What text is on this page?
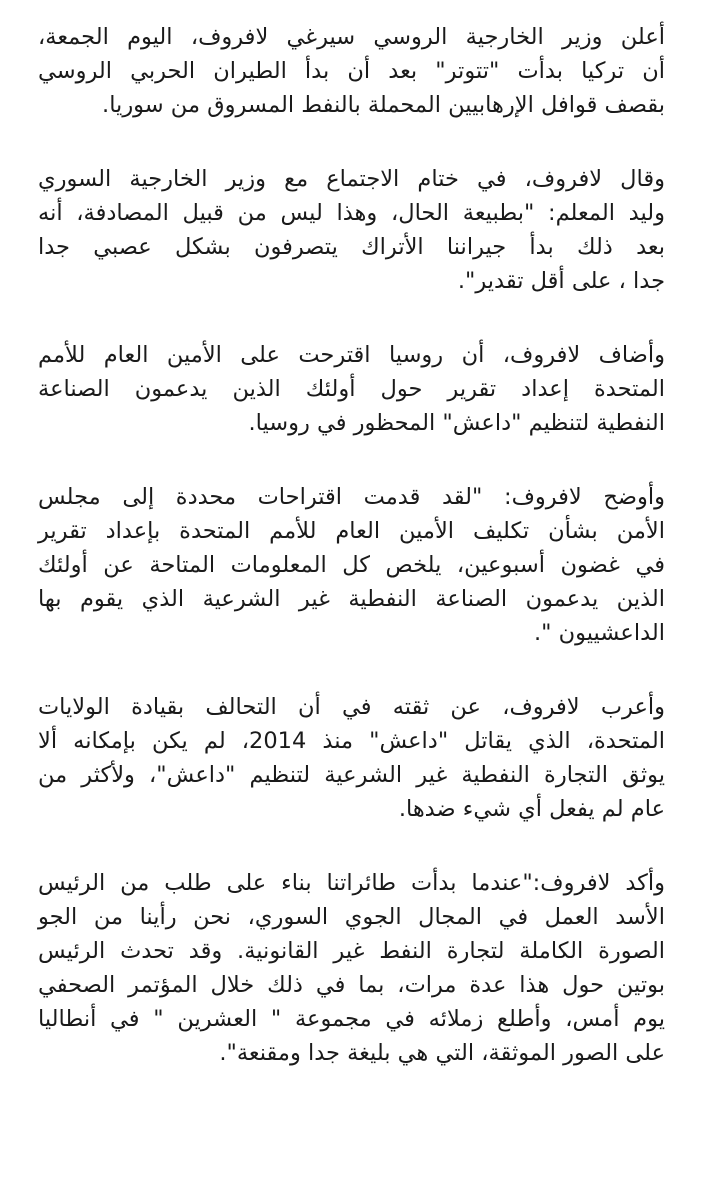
أعلن وزير الخارجية الروسي سيرغي لافروف، اليوم الجمعة،
أن تركيا بدأت "تتوتر" بعد أن بدأ الطيران الحربي الروسي
بقصف قوافل الإرهابيين المحملة بالنفط المسروق من سوريا.
وقال لافروف، في ختام الاجتماع مع وزير الخارجية السوري
وليد المعلم: "بطبيعة الحال، وهذا ليس من قبيل المصادفة، أنه
بعد ذلك بدأ جيراننا الأتراك يتصرفون بشكل عصبي جدا
جدا ، على أقل تقدير".
وأضاف لافروف، أن روسيا اقترحت على الأمين العام للأمم
المتحدة إعداد تقرير حول أولئك الذين يدعمون الصناعة
النفطية لتنظيم "داعش" المحظور في روسيا.
وأوضح لافروف: "لقد قدمت اقتراحات محددة إلى مجلس
الأمن بشأن تكليف الأمين العام للأمم المتحدة بإعداد تقرير
في غضون أسبوعين، يلخص كل المعلومات المتاحة عن أولئك
الذين يدعمون الصناعة النفطية غير الشرعية الذي يقوم بها
الداعشييون ".
وأعرب لافروف، عن ثقته في أن التحالف بقيادة الولايات
المتحدة، الذي يقاتل "داعش" منذ 2014، لم يكن بإمكانه ألا
يوثق التجارة النفطية غير الشرعية لتنظيم "داعش"، ولأكثر من
عام لم يفعل أي شيء ضدها.
وأكد لافروف:"عندما بدأت طائراتنا بناء على طلب من الرئيس
الأسد العمل في المجال الجوي السوري، نحن رأينا من الجو
الصورة الكاملة لتجارة النفط غير القانونية. وقد تحدث الرئيس
بوتين حول هذا عدة مرات، بما في ذلك خلال المؤتمر الصحفي
يوم أمس، وأطلع زملائه في مجموعة " العشرين " في أنطاليا
على الصور الموثقة، التي هي بليغة جدا ومقنعة".
